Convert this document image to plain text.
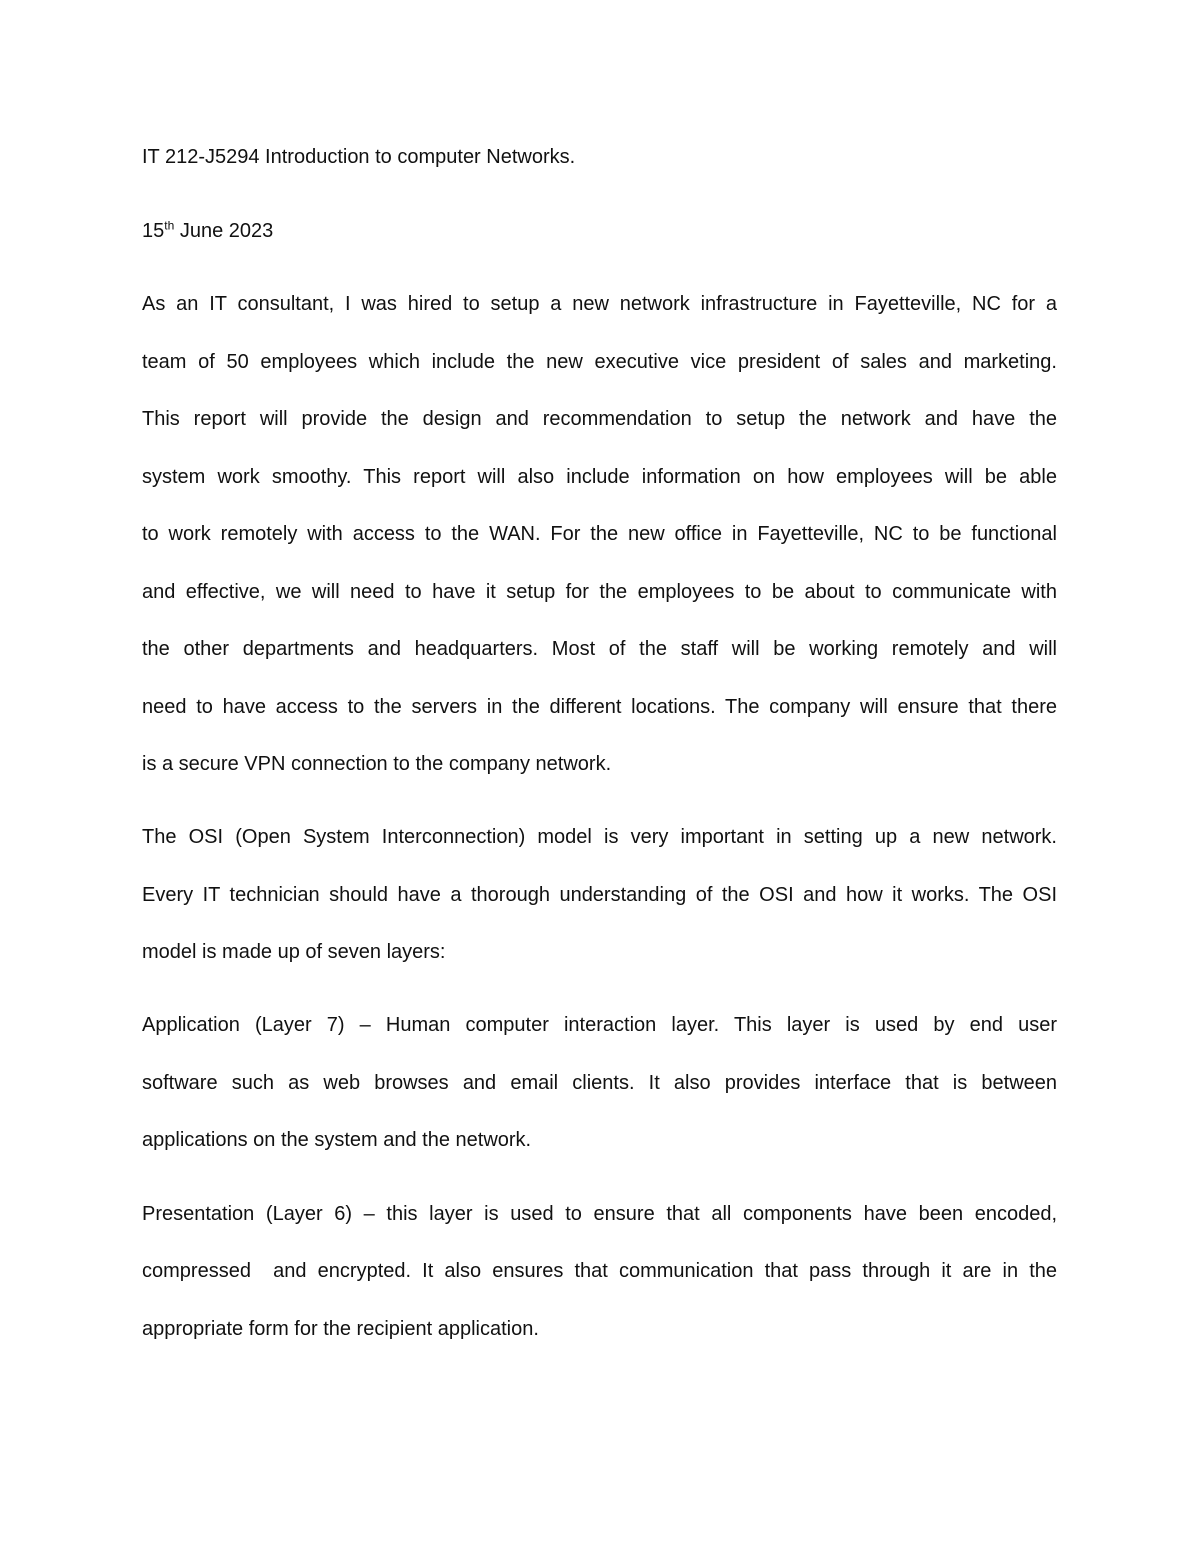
IT 212-J5294 Introduction to computer Networks.
15th June 2023
As an IT consultant, I was hired to setup a new network infrastructure in Fayetteville, NC for a
team of 50 employees which include the new executive vice president of sales and marketing.
This report will provide the design and recommendation to setup the network and have the
system work smoothy. This report will also include information on how employees will be able
to work remotely with access to the WAN. For the new office in Fayetteville, NC to be functional
and effective, we will need to have it setup for the employees to be about to communicate with
the other departments and headquarters. Most of the staff will be working remotely and will
need to have access to the servers in the different locations. The company will ensure that there
is a secure VPN connection to the company network.
The OSI (Open System Interconnection) model is very important in setting up a new network.
Every IT technician should have a thorough understanding of the OSI and how it works. The OSI
model is made up of seven layers:
Application (Layer 7) – Human computer interaction layer. This layer is used by end user
software such as web browses and email clients. It also provides interface that is between
applications on the system and the network.
Presentation (Layer 6) – this layer is used to ensure that all components have been encoded,
compressed  and encrypted. It also ensures that communication that pass through it are in the
appropriate form for the recipient application.
